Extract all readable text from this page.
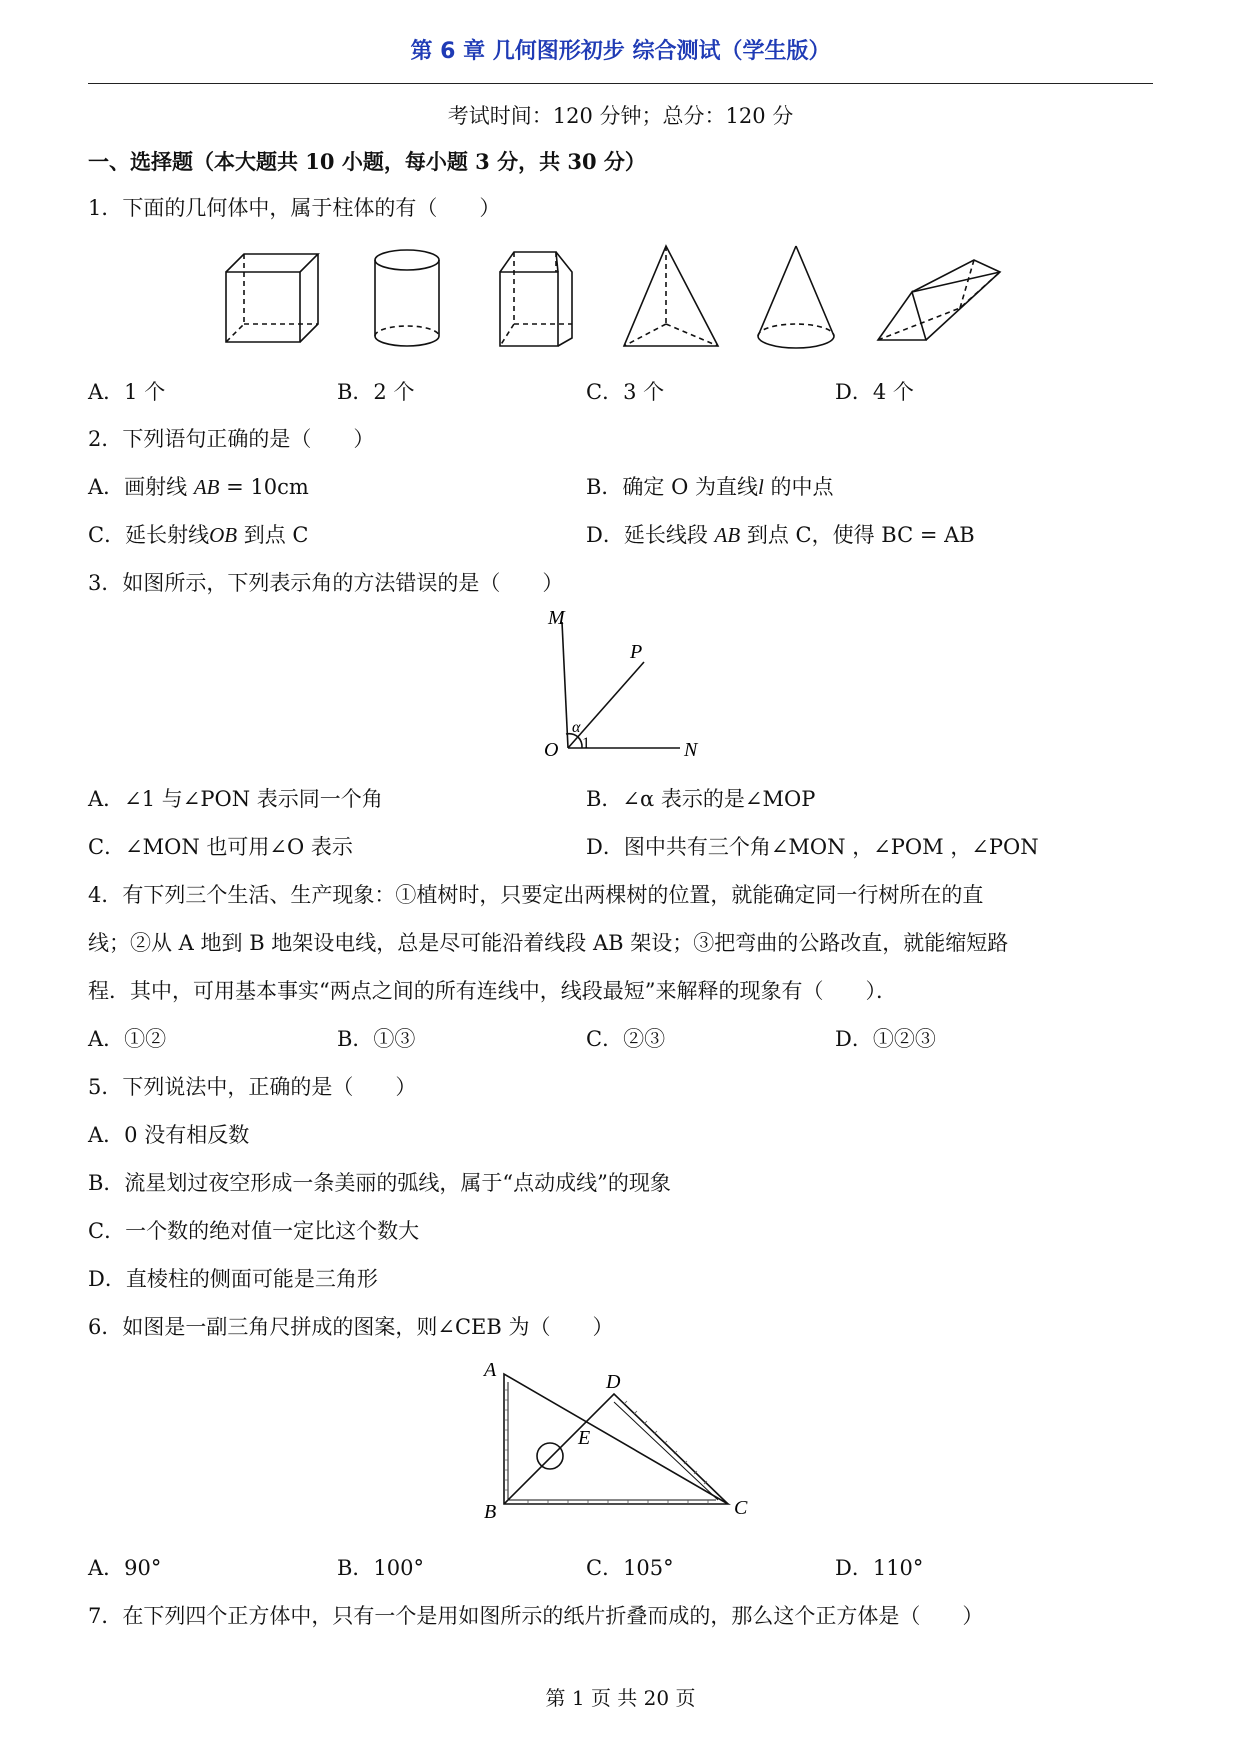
第 6 章 几何图形初步 综合测试（学生版）
考试时间：120 分钟；总分：120 分
一、选择题（本大题共 10 小题，每小题 3 分，共 30 分）
1．下面的几何体中，属于柱体的有（　　）
A．1 个	B．2 个	C．3 个	D．4 个
2．下列语句正确的是（　　）
A．画射线 AB = 10cm	B．确定 O 为直线l 的中点
C．延长射线OB 到点 C	D．延长线段 AB 到点 C，使得 BC = AB
3．如图所示，下列表示角的方法错误的是（　　）
M
P
O	N
α
1
A．∠1 与∠PON 表示同一个角	B．∠α 表示的是∠MOP
C．∠MON 也可用∠O 表示	D．图中共有三个角∠MON ，∠POM ，∠PON
4．有下列三个生活、生产现象：①植树时，只要定出两棵树的位置，就能确定同一行树所在的直
线；②从 A 地到 B 地架设电线，总是尽可能沿着线段 AB 架设；③把弯曲的公路改直，就能缩短路
程．其中，可用基本事实“两点之间的所有连线中，线段最短”来解释的现象有（　　）．
A．①②	B．①③	C．②③	D．①②③
5．下列说法中，正确的是（　　）
A．0 没有相反数
B．流星划过夜空形成一条美丽的弧线，属于“点动成线”的现象
C．一个数的绝对值一定比这个数大
D．直棱柱的侧面可能是三角形
6．如图是一副三角尺拼成的图案，则∠CEB 为（　　）
A
B	C
D
E
A．90°	B．100°	C．105°	D．110°
7．在下列四个正方体中，只有一个是用如图所示的纸片折叠而成的，那么这个正方体是（　　）
第 1 页 共 20 页
